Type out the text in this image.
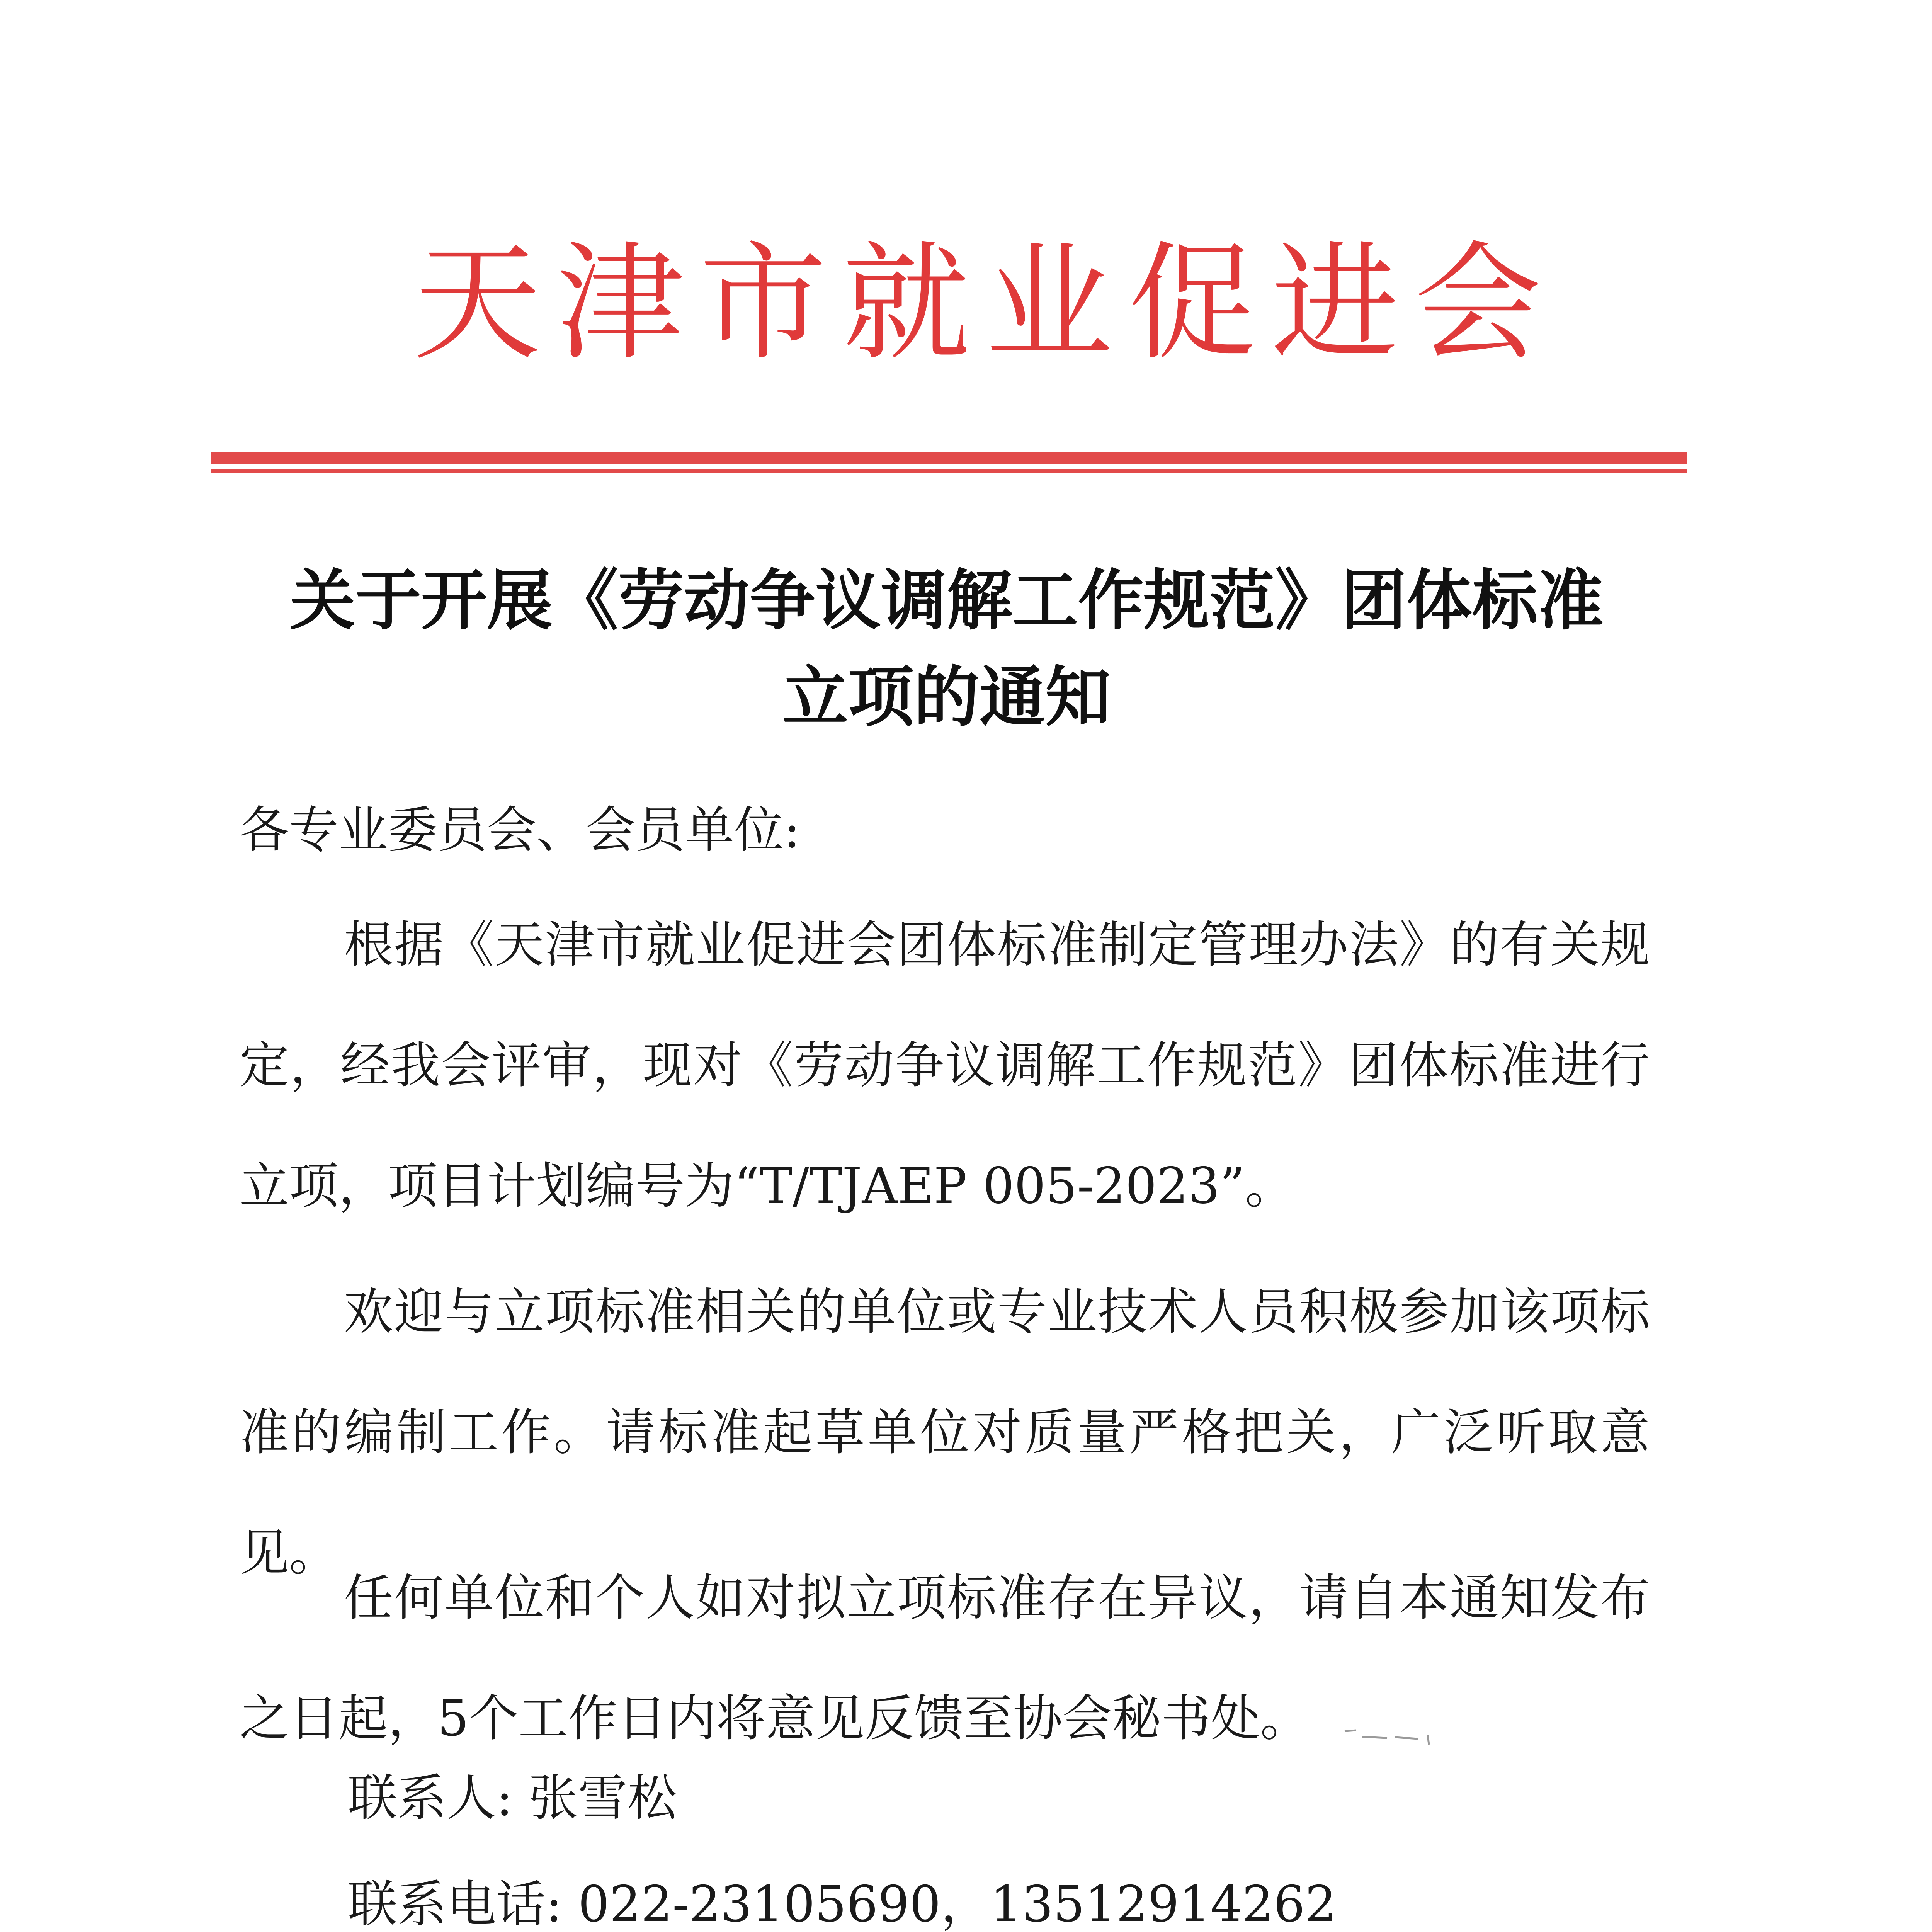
天津市就业促进会
关于开展《劳动争议调解工作规范》团体标准
立项的通知
各专业委员会、会员单位:

根据《天津市就业促进会团体标准制定管理办法》的有关规定，经我会评审，现对《劳动争议调解工作规范》团体标准进行立项，项目计划编号为“T/TJAEP 005-2023”。

欢迎与立项标准相关的单位或专业技术人员积极参加该项标准的编制工作。请标准起草单位对质量严格把关，广泛听取意见。

任何单位和个人如对拟立项标准存在异议，请自本通知发布之日起，5个工作日内将意见反馈至协会秘书处。

联系人: 张雪松
联系电话: 022-23105690，13512914262
